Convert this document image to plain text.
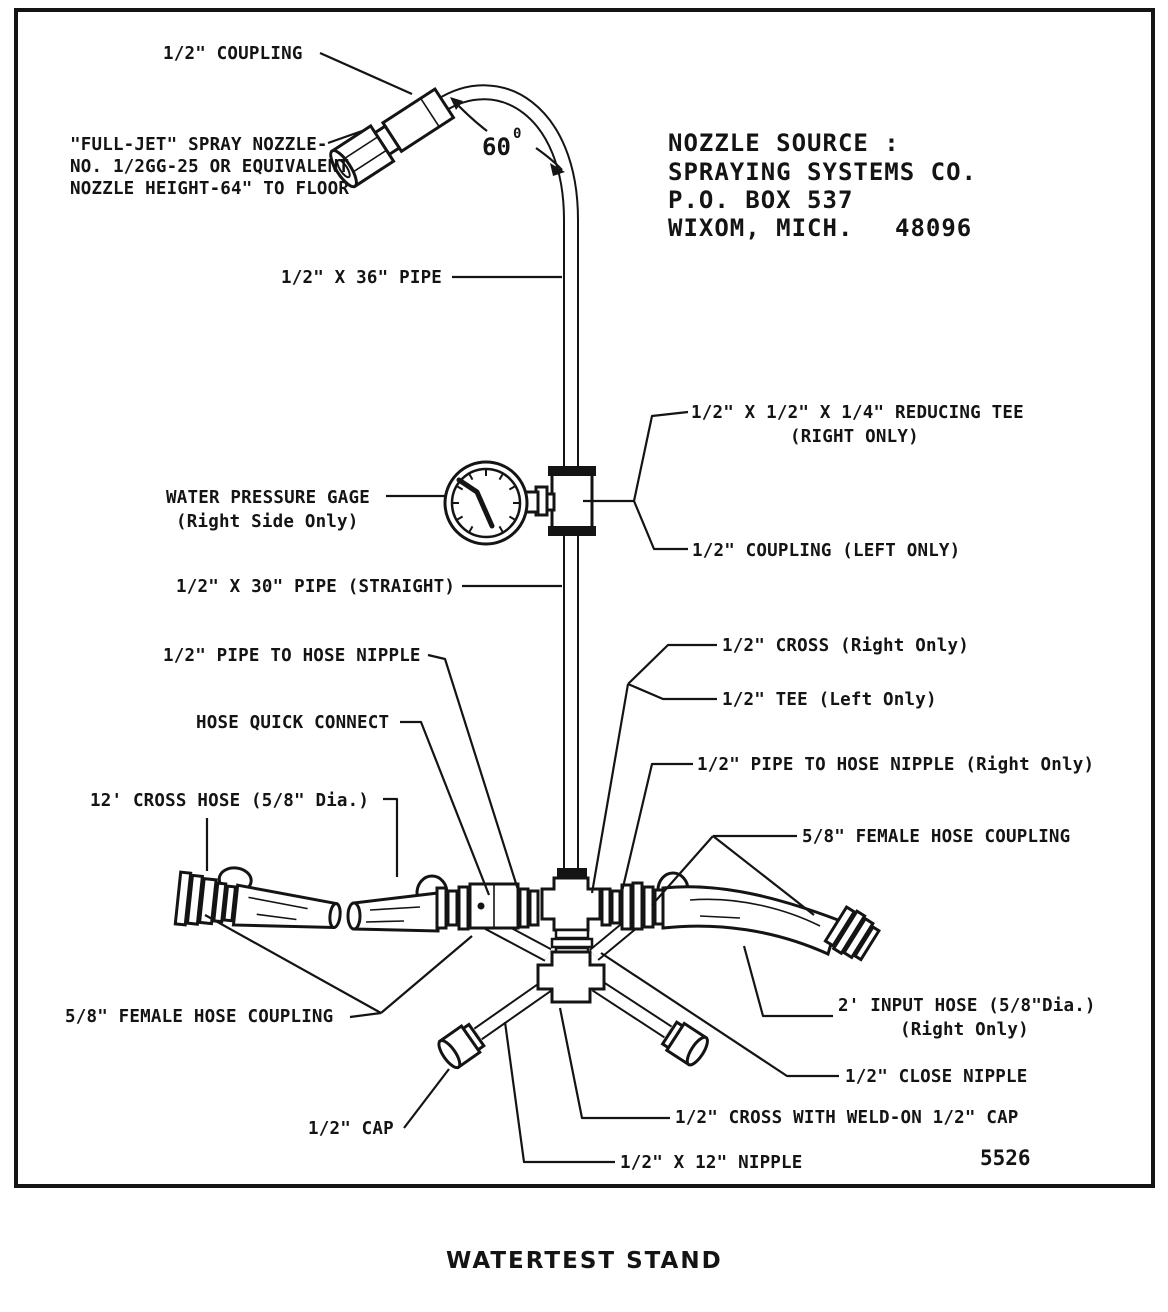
1/2" COUPLING
"FULL-JET" SPRAY NOZZLE-
NO. 1/2GG-25 OR EQUIVALENT
NOZZLE HEIGHT-64" TO FLOOR
NOZZLE SOURCE :
SPRAYING SYSTEMS CO.
P.O. BOX 537
WIXOM, MICH. 48096
60 0
1/2" X 36" PIPE
1/2" X 1/2" X 1/4" REDUCING TEE
(RIGHT ONLY)
WATER PRESSURE GAGE
(Right Side Only)
1/2" COUPLING (LEFT ONLY)
1/2" X 30" PIPE (STRAIGHT)
1/2" CROSS (Right Only)
1/2" TEE (Left Only)
1/2" PIPE TO HOSE NIPPLE
HOSE QUICK CONNECT
1/2" PIPE TO HOSE NIPPLE (Right Only)
12' CROSS HOSE (5/8" Dia.)
5/8" FEMALE HOSE COUPLING
5/8" FEMALE HOSE COUPLING
2' INPUT HOSE (5/8"Dia.)
(Right Only)
1/2" CLOSE NIPPLE
1/2" CAP
1/2" CROSS WITH WELD-ON 1/2" CAP
1/2" X 12" NIPPLE	5526
WATERTEST STAND
